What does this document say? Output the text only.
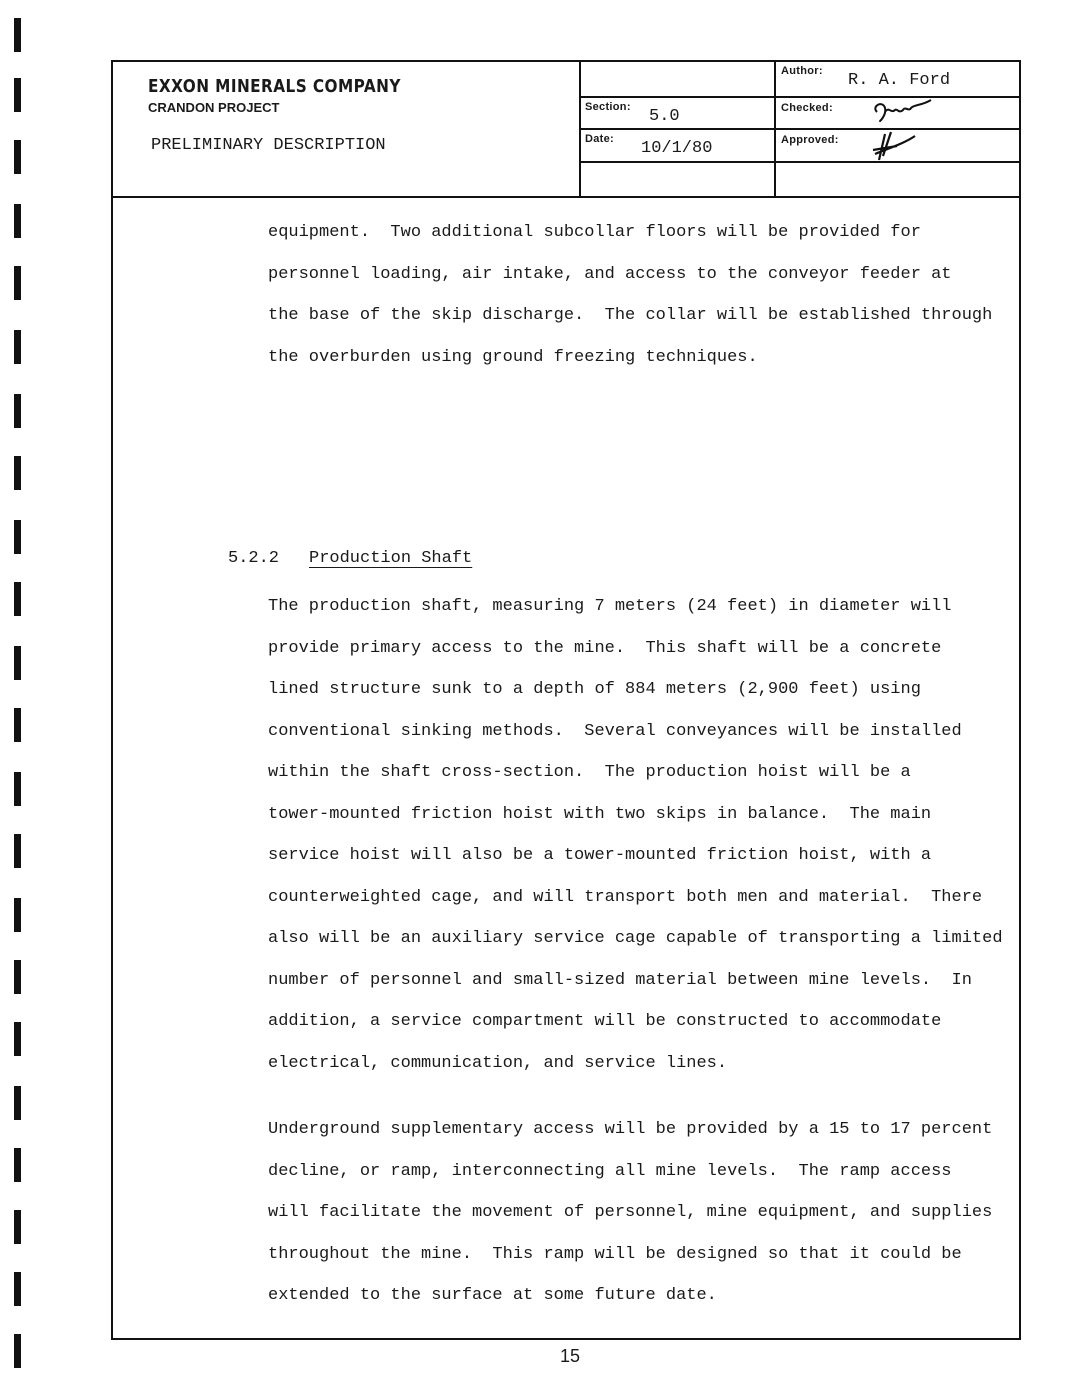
EXXON MINERALS COMPANY
CRANDON PROJECT
PRELIMINARY DESCRIPTION
Section: 5.0
Date: 10/1/80
Author: R. A. Ford
Checked:
Approved:
equipment.  Two additional subcollar floors will be provided for
personnel loading, air intake, and access to the conveyor feeder at
the base of the skip discharge.  The collar will be established through
the overburden using ground freezing techniques.
5.2.2 Production Shaft
The production shaft, measuring 7 meters (24 feet) in diameter will
provide primary access to the mine.  This shaft will be a concrete
lined structure sunk to a depth of 884 meters (2,900 feet) using
conventional sinking methods.  Several conveyances will be installed
within the shaft cross-section.  The production hoist will be a
tower-mounted friction hoist with two skips in balance.  The main
service hoist will also be a tower-mounted friction hoist, with a
counterweighted cage, and will transport both men and material.  There
also will be an auxiliary service cage capable of transporting a limited
number of personnel and small-sized material between mine levels.  In
addition, a service compartment will be constructed to accommodate
electrical, communication, and service lines.
Underground supplementary access will be provided by a 15 to 17 percent
decline, or ramp, interconnecting all mine levels.  The ramp access
will facilitate the movement of personnel, mine equipment, and supplies
throughout the mine.  This ramp will be designed so that it could be
extended to the surface at some future date.
15
